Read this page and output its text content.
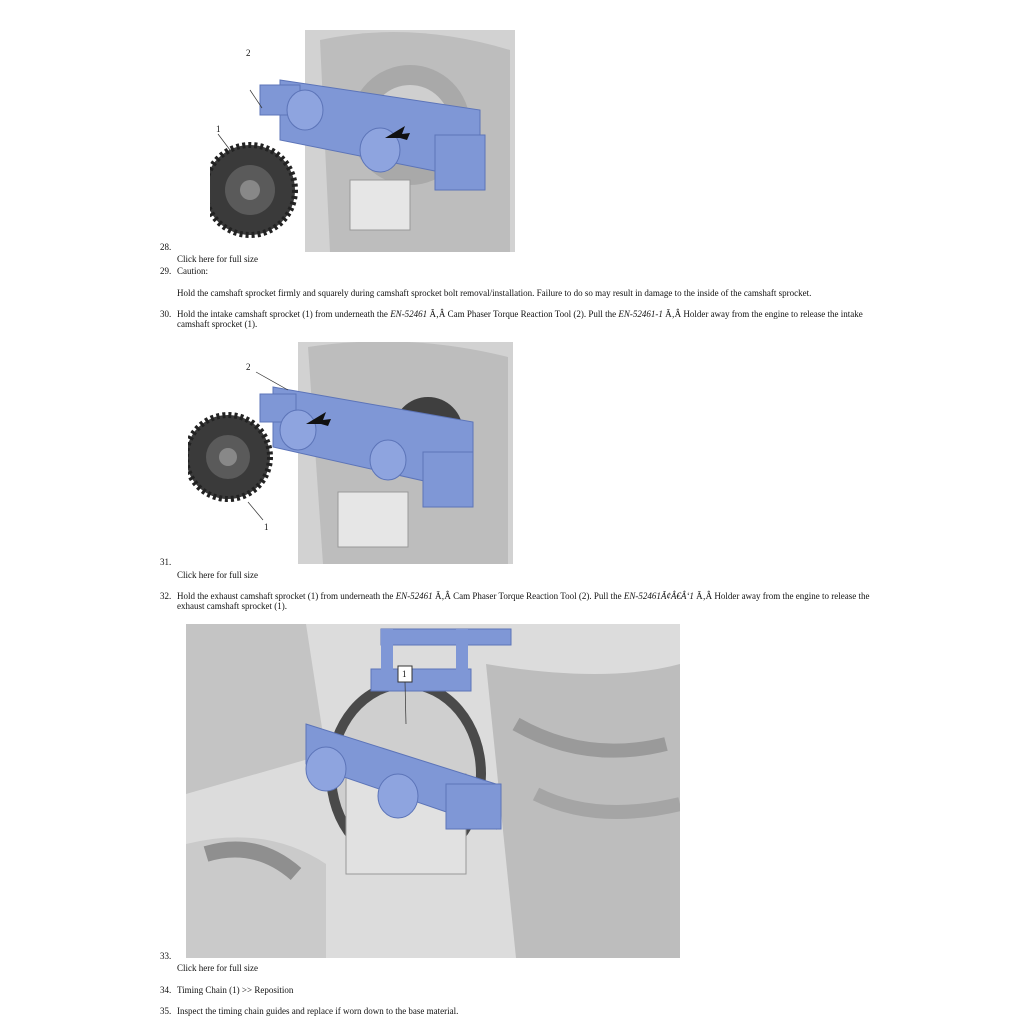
2
1
28.
Click here for full size
29. Caution:
Hold the camshaft sprocket firmly and squarely during camshaft sprocket bolt removal/installation. Failure to do so may result in damage to the inside of the camshaft sprocket.
30. Hold the intake camshaft sprocket (1) from underneath the EN-52461 Ã‚Â Cam Phaser Torque Reaction Tool (2). Pull the EN-52461-1 Ã‚Â Holder away from the engine to release the intake camshaft sprocket (1).
2
1
31.
Click here for full size
32. Hold the exhaust camshaft sprocket (1) from underneath the EN-52461 Ã‚Â Cam Phaser Torque Reaction Tool (2). Pull the EN-52461Ã¢Â€Â‘1 Ã‚Â Holder away from the engine to release the exhaust camshaft sprocket (1).
1
33.
Click here for full size
34. Timing Chain (1) >> Reposition
35. Inspect the timing chain guides and replace if worn down to the base material.
